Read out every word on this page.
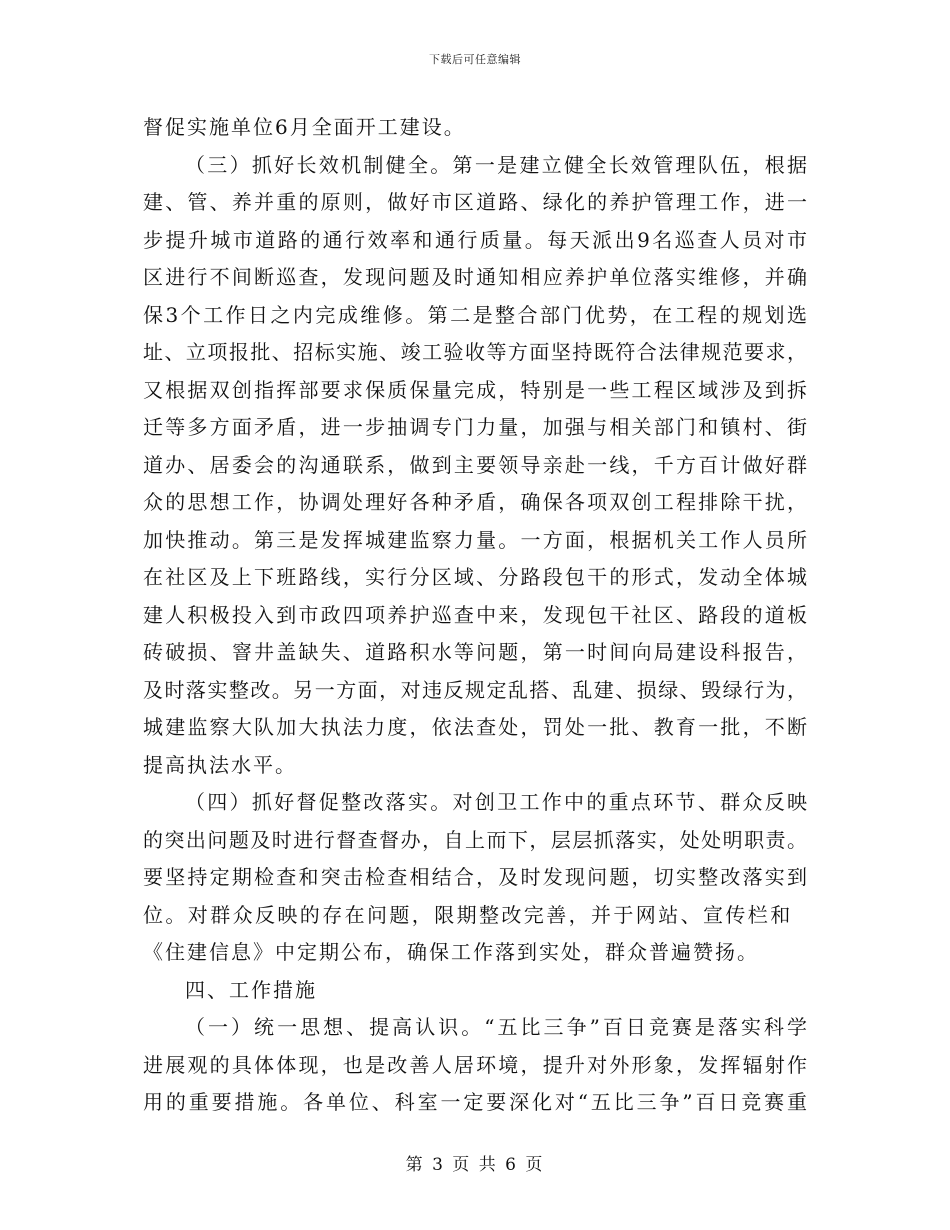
下载后可任意编辑
督促实施单位6月全面开工建设。
（三）抓好长效机制健全。第一是建立健全长效管理队伍，根据
建、管、养并重的原则，做好市区道路、绿化的养护管理工作，进一
步提升城市道路的通行效率和通行质量。每天派出9名巡查人员对市
区进行不间断巡查，发现问题及时通知相应养护单位落实维修，并确
保3个工作日之内完成维修。第二是整合部门优势，在工程的规划选
址、立项报批、招标实施、竣工验收等方面坚持既符合法律规范要求，
又根据双创指挥部要求保质保量完成，特别是一些工程区域涉及到拆
迁等多方面矛盾，进一步抽调专门力量，加强与相关部门和镇村、街
道办、居委会的沟通联系，做到主要领导亲赴一线，千方百计做好群
众的思想工作，协调处理好各种矛盾，确保各项双创工程排除干扰，
加快推动。第三是发挥城建监察力量。一方面，根据机关工作人员所
在社区及上下班路线，实行分区域、分路段包干的形式，发动全体城
建人积极投入到市政四项养护巡查中来，发现包干社区、路段的道板
砖破损、窨井盖缺失、道路积水等问题，第一时间向局建设科报告，
及时落实整改。另一方面，对违反规定乱搭、乱建、损绿、毁绿行为，
城建监察大队加大执法力度，依法查处，罚处一批、教育一批，不断
提高执法水平。
（四）抓好督促整改落实。对创卫工作中的重点环节、群众反映
的突出问题及时进行督查督办，自上而下，层层抓落实，处处明职责。
要坚持定期检查和突击检查相结合，及时发现问题，切实整改落实到
位。对群众反映的存在问题，限期整改完善，并于网站、宣传栏和
《住建信息》中定期公布，确保工作落到实处，群众普遍赞扬。
四、工作措施
（一）统一思想、提高认识。“五比三争”百日竞赛是落实科学
进展观的具体体现，也是改善人居环境，提升对外形象，发挥辐射作
用的重要措施。各单位、科室一定要深化对“五比三争”百日竞赛重
第 3 页 共 6 页
